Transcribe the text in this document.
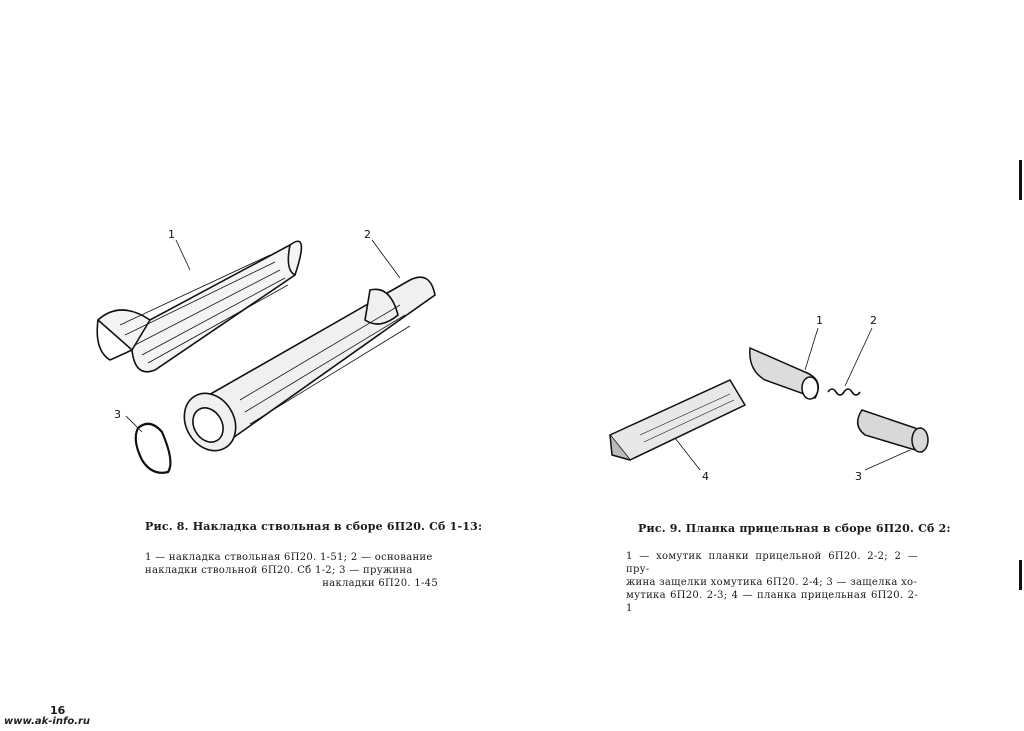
1	2
3
1	2
3
4
Рис. 8. Накладка ствольная в сборе 6П20. Сб 1-13:
1 — накладка ствольная 6П20. 1-51; 2 — основание
накладки ствольной 6П20. Сб 1-2; 3 — пружина
накладки 6П20. 1-45
Рис. 9. Планка прицельная в сборе 6П20. Сб 2:
1 — хомутик планки прицельной 6П20. 2-2; 2 — пру-
жина защелки хомутика 6П20. 2-4; 3 — защелка хо-
мутика 6П20. 2-3; 4 — планка прицельная 6П20. 2-1
16
www.ak-info.ru
